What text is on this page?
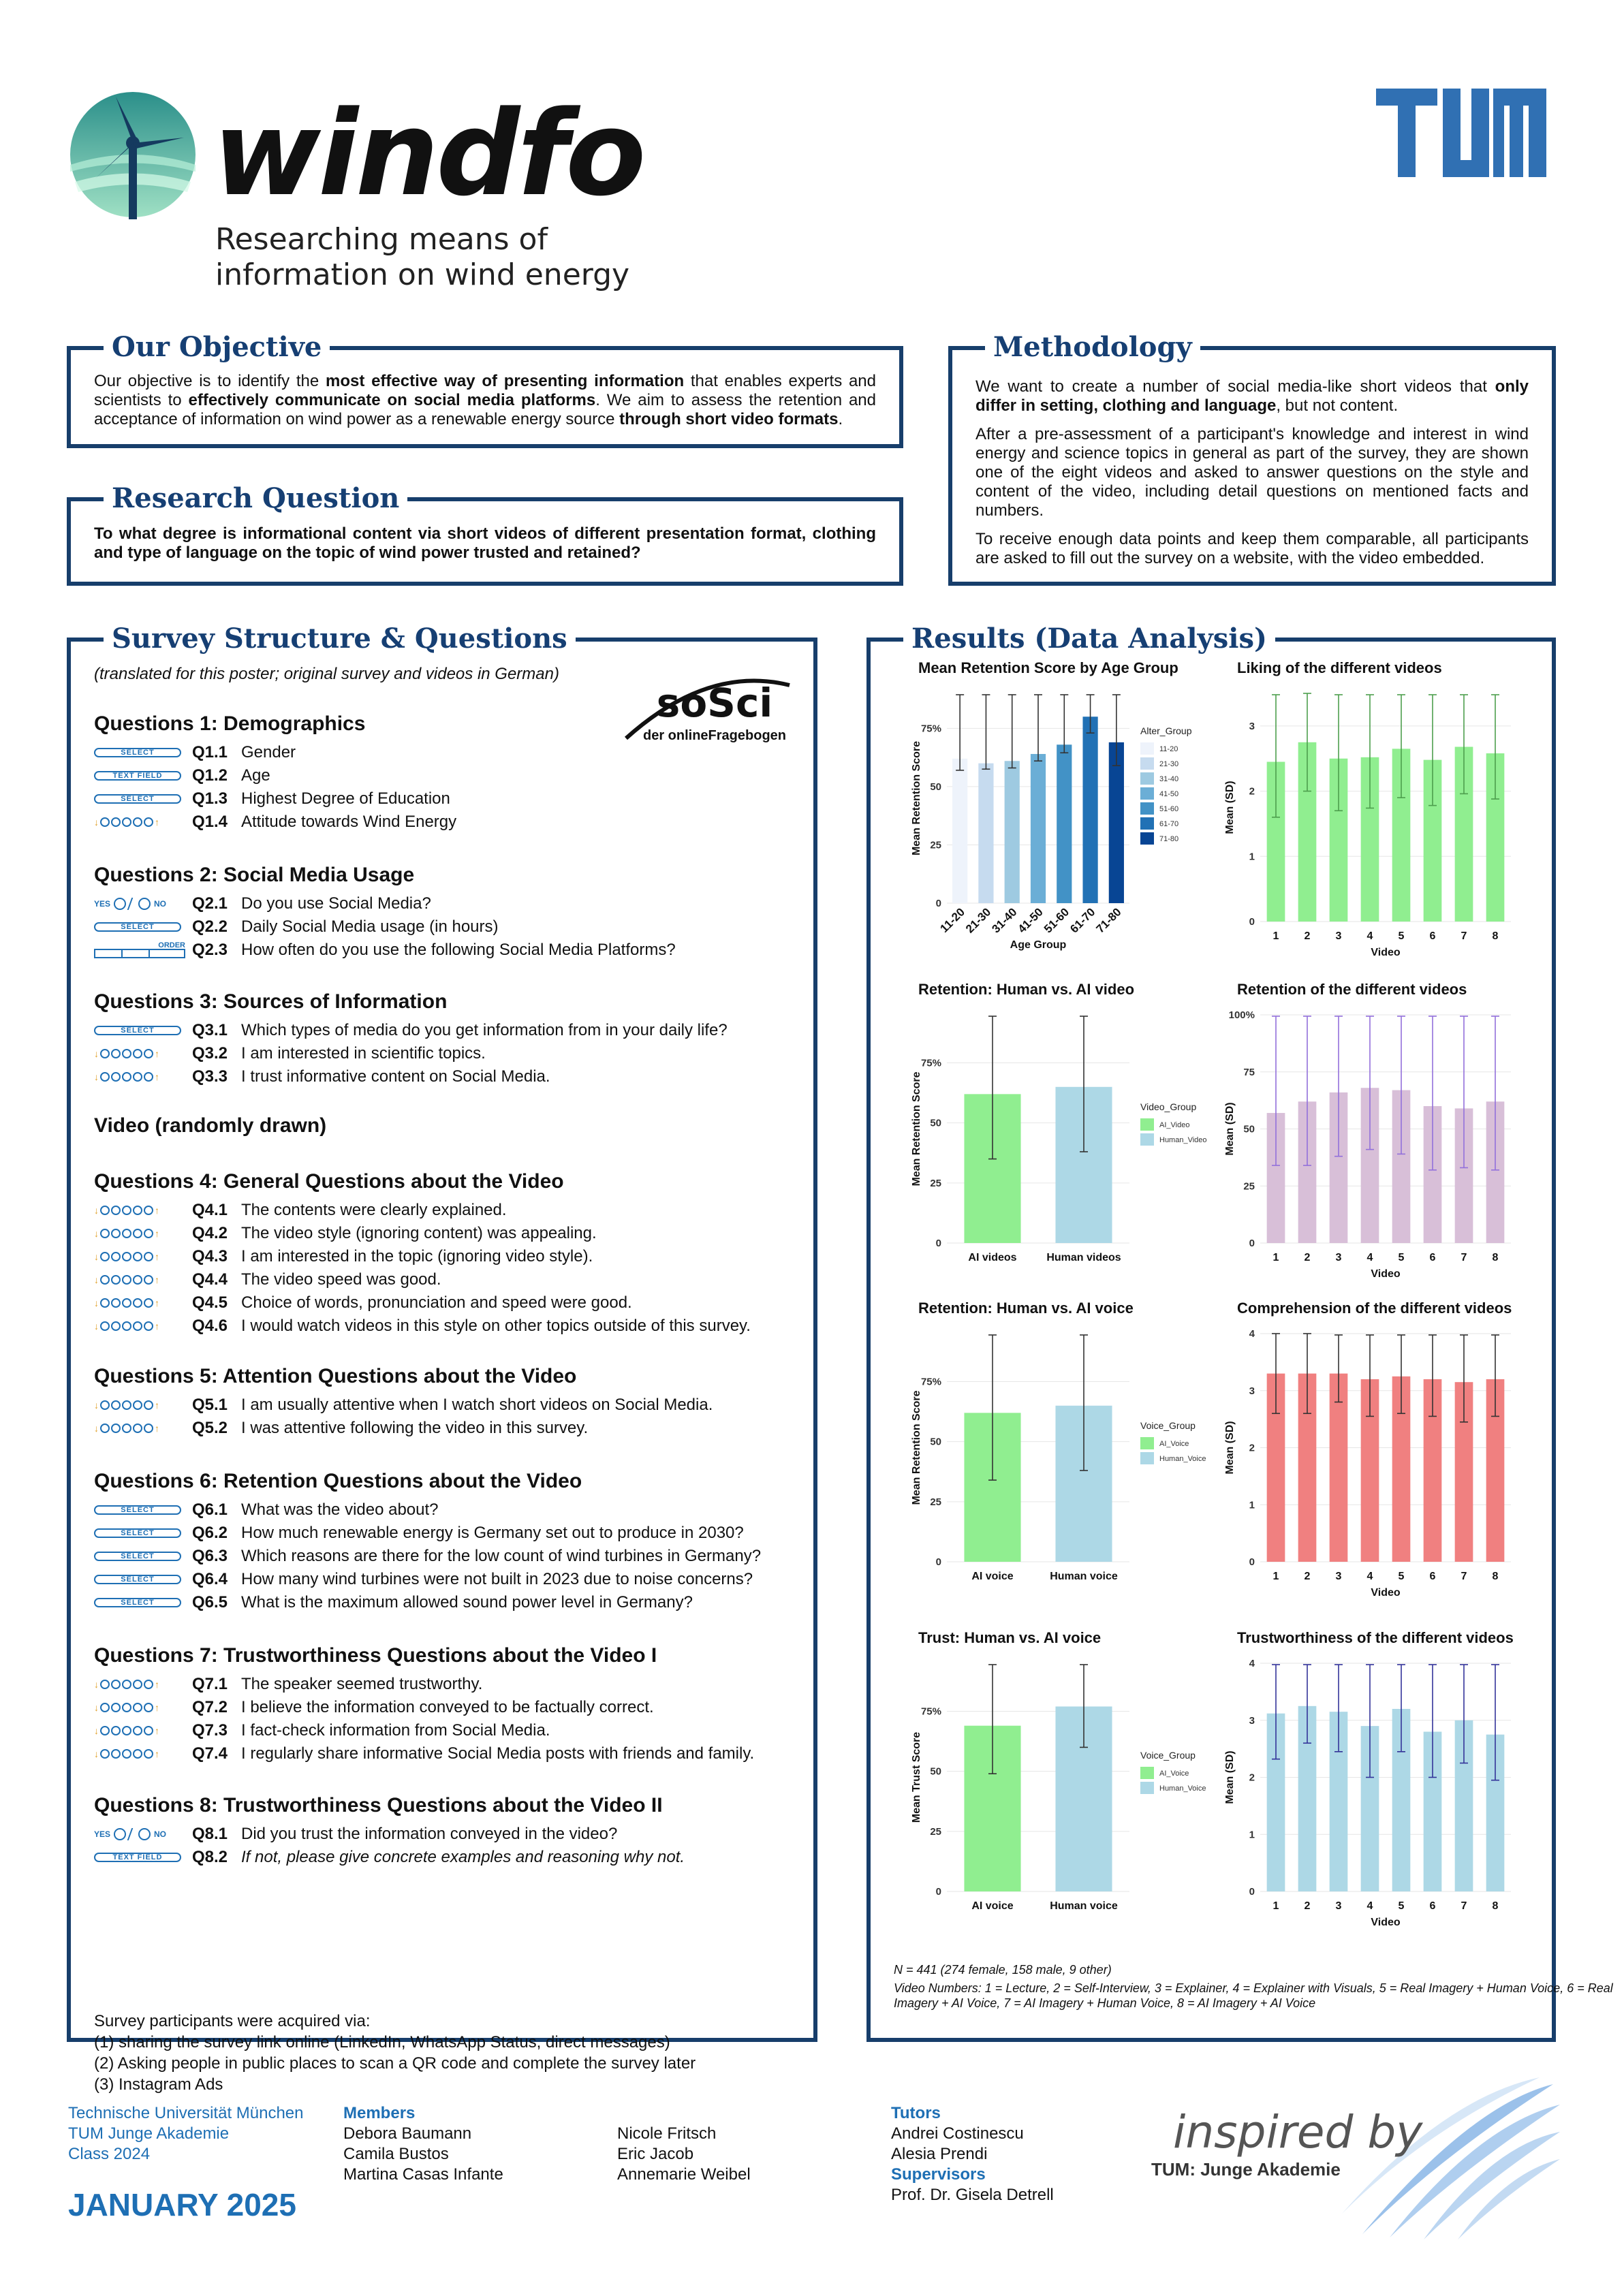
windfo
Researching means of
information on wind energy
Our Objective

Our objective is to identify the most effective way of presenting information that enables experts and scientists to effectively communicate on social media platforms. We aim to assess the retention and acceptance of information on wind power as a renewable energy source through short video formats.

Research Question

To what degree is informational content via short videos of different presentation format, clothing and type of language on the topic of wind power trusted and retained?

Methodology

We want to create a number of social media-like short videos that only differ in setting, clothing and language, but not content.

After a pre-assessment of a participant's knowledge and interest in wind energy and science topics in general as part of the survey, they are shown one of the eight videos and asked to answer questions on the style and content of the video, including detail questions on mentioned facts and numbers.

To receive enough data points and keep them comparable, all participants are asked to fill out the survey on a website, with the video embedded.

Survey Structure & Questions
(translated for this poster; original survey and videos in German)
soSci
der onlineFragebogen
Survey participants were acquired via:
(1) sharing the survey link online (LinkedIn, WhatsApp Status, direct messages)
(2) Asking people in public places to scan a QR code and complete the survey later
(3) Instagram Ads
Questions 1: Demographics
SELECT	Q1.1 Gender
TEXT FIELD	Q1.2 Age
SELECT	Q1.3 Highest Degree of Education
↓	↑ Q1.4 Attitude towards Wind Energy
Questions 2: Social Media Usage
YES	NO Q2.1 Do you use Social Media?
SELECT	Q2.2 Daily Social Media usage (in hours)
ORDER Q2.3 How often do you use the following Social Media Platforms?
Questions 3: Sources of Information
SELECT	Q3.1 Which types of media do you get information from in your daily life?
↓	↑ Q3.2 I am interested in scientific topics.
↓	↑ Q3.3 I trust informative content on Social Media.
Video (randomly drawn)
Questions 4: General Questions about the Video
↓	↑ Q4.1 The contents were clearly explained.
↓	↑ Q4.2 The video style (ignoring content) was appealing.
↓	↑ Q4.3 I am interested in the topic (ignoring video style).
↓	↑ Q4.4 The video speed was good.
↓	↑ Q4.5 Choice of words, pronunciation and speed were good.
↓	↑ Q4.6 I would watch videos in this style on other topics outside of this survey.
Questions 5: Attention Questions about the Video
↓	↑ Q5.1 I am usually attentive when I watch short videos on Social Media.
↓	↑ Q5.2 I was attentive following the video in this survey.
Questions 6: Retention Questions about the Video
SELECT	Q6.1 What was the video about?
SELECT	Q6.2 How much renewable energy is Germany set out to produce in 2030?
SELECT	Q6.3 Which reasons are there for the low count of wind turbines in Germany?
SELECT	Q6.4 How many wind turbines were not built in 2023 due to noise concerns?
SELECT	Q6.5 What is the maximum allowed sound power level in Germany?
Questions 7: Trustworthiness Questions about the Video I
↓	↑ Q7.1 The speaker seemed trustworthy.
↓	↑ Q7.2 I believe the information conveyed to be factually correct.
↓	↑ Q7.3 I fact-check information from Social Media.
↓	↑ Q7.4 I regularly share informative Social Media posts with friends and family.
Questions 8: Trustworthiness Questions about the Video II
YES	NO Q8.1 Did you trust the information conveyed in the video?
TEXT FIELD	Q8.2 If not, please give concrete examples and reasoning why not.
Results (Data Analysis)
Mean Retention Score by Age Group
0
25
50
75%
Mean Retention Score
11-20
21-30
31-40
41-50
51-60
61-70
71-80
Age Group
Alter_Group
11-20
21-30
31-40
41-50
51-60
61-70
71-80
Liking of the different videos
0
1
2
3
Mean (SD)
1 2 3 4 5 6 7 8
Video
Retention: Human vs. AI video
0
25
50
75%
Mean Retention Score
AI videos	Human videos
Video_Group
AI_Video
Human_Video
Retention of the different videos
0
25
50
75
100%
Mean (SD)
1 2 3 4 5 6 7 8
Video
Retention: Human vs. AI voice
0
25
50
75%
Mean Retention Score
AI voice	Human voice
Voice_Group
AI_Voice
Human_Voice
Comprehension of the different videos
0
1
2
3
4
Mean (SD)
1 2 3 4 5 6 7 8
Video
Trust: Human vs. AI voice
0
25
50
75%
Mean Trust Score
AI voice	Human voice
Voice_Group
AI_Voice
Human_Voice
Trustworthiness of the different videos
0
1
2
3
4
Mean (SD)
1 2 3 4 5 6 7 8
Video
N = 441 (274 female, 158 male, 9 other)
Video Numbers: 1 = Lecture, 2 = Self-Interview, 3 = Explainer, 4 = Explainer with Visuals, 5 = Real Imagery + Human Voice, 6 = Real Imagery + AI Voice, 7 = AI Imagery + Human Voice, 8 = AI Imagery + AI Voice
Technische Universität München
TUM Junge Akademie
Class 2024
Members
Debora Baumann
Camila Bustos
Martina Casas Infante
Nicole Fritsch
Eric Jacob
Annemarie Weibel
Tutors
Andrei Costinescu
Alesia Prendi
Supervisors
Prof. Dr. Gisela Detrell
JANUARY 2025
inspired by
TUM: Junge Akademie
